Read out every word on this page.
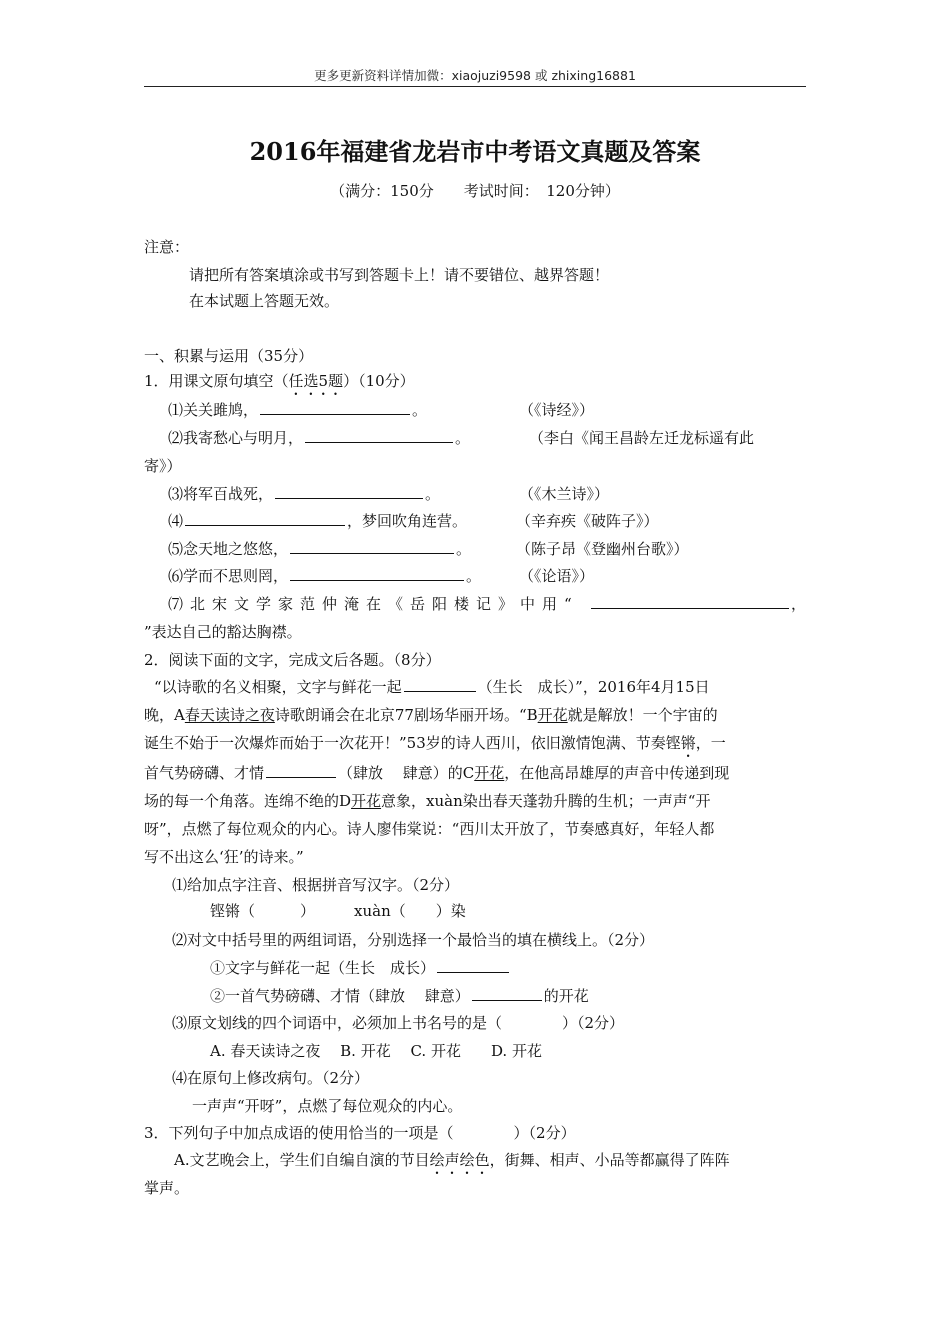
更多更新资料详情加微：xiaojuzi9598 或 zhixing16881
2016年福建省龙岩市中考语文真题及答案
（满分：150分　　考试时间：　120分钟）
注意：
请把所有答案填涂或书写到答题卡上！请不要错位、越界答题！
在本试题上答题无效。
一、积累与运用（35分）
1．用课文原句填空（任选5题）（10分）
⑴关关雎鸠，	。	（《诗经》）
⑵我寄愁心与明月，	。	（李白《闻王昌龄左迁龙标遥有此
寄》）
⑶将军百战死，	。	（《木兰诗》）
⑷	，梦回吹角连营。	（辛弃疾《破阵子》）
⑸念天地之悠悠，	。	（陈子昂《登幽州台歌》）
⑹学而不思则罔，	。	（《论语》）
⑺北宋文学家范仲淹在《岳阳楼记》中用“	，
”表达自己的豁达胸襟。
2．阅读下面的文字，完成文后各题。（8分）
“以诗歌的名义相聚，文字与鲜花一起	（生长　成长）”，2016年4月15日
晚，A春天读诗之夜诗歌朗诵会在北京77剧场华丽开场。“B开花就是解放！一个宇宙的
诞生不始于一次爆炸而始于一次花开！”53岁的诗人西川，依旧激情饱满、节奏铿锵，一
首气势磅礴、才情	（肆放　 肆意）的C开花，在他高昂雄厚的声音中传递到现
场的每一个角落。连绵不绝的D开花意象，xuàn染出春天蓬勃升腾的生机；一声声“开
呀”，点燃了每位观众的内心。诗人廖伟棠说：“西川太开放了，节奏感真好，年轻人都
写不出这么‘狂’的诗来。”
⑴给加点字注音、根据拼音写汉字。（2分）
铿锵（　　　）	xuàn（　　）染
⑵对文中括号里的两组词语，分别选择一个最恰当的填在横线上。（2分）
①文字与鲜花一起（生长　成长）
②一首气势磅礴、才情（肆放　 肆意）	的开花
⑶原文划线的四个词语中，必须加上书名号的是（　　　　）（2分）
A. 春天读诗之夜　 B. 开花　 C. 开花　　D. 开花
⑷在原句上修改病句。（2分）
一声声“开呀”，点燃了每位观众的内心。
3．下列句子中加点成语的使用恰当的一项是（　　　　）（2分）
A.文艺晚会上，学生们自编自演的节目绘声绘色，街舞、相声、小品等都赢得了阵阵
掌声。
